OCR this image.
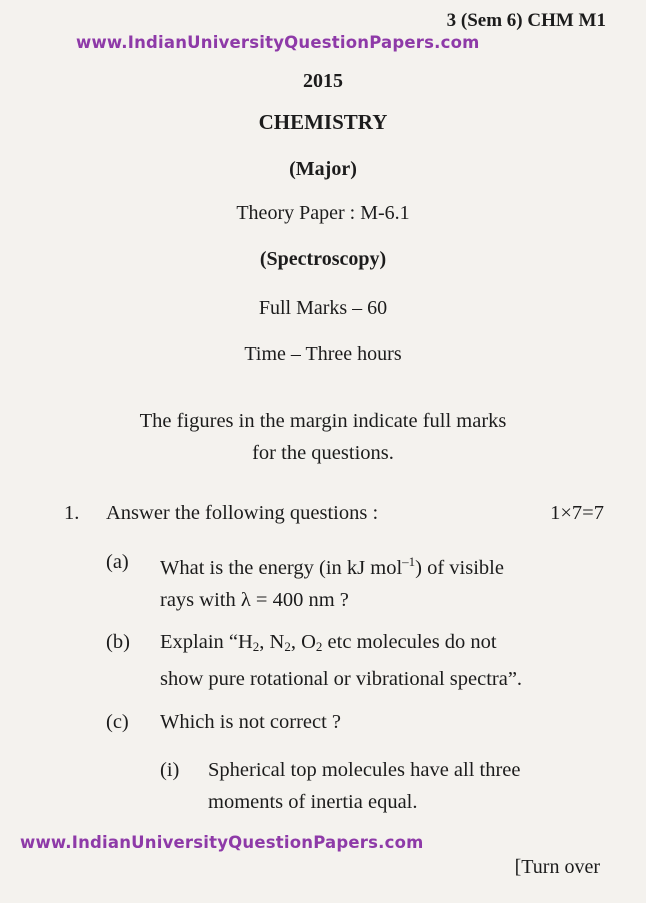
3 (Sem 6) CHM M1
www.IndianUniversityQuestionPapers.com
2015
CHEMISTRY
(Major)
Theory Paper : M-6.1
(Spectroscopy)
Full Marks – 60
Time – Three hours
The figures in the margin indicate full marks
for the questions.
1. Answer the following questions :	1×7=7
(a) What is the energy (in kJ mol$^{-1}$) of visible
rays with λ = 400 nm ?
(b) Explain “$H_2$, $N_2$, $O_2$ etc molecules do not
show pure rotational or vibrational spectra”.
(c) Which is not correct ?
(i) Spherical top molecules have all three
moments of inertia equal.
www.IndianUniversityQuestionPapers.com
[Turn over
